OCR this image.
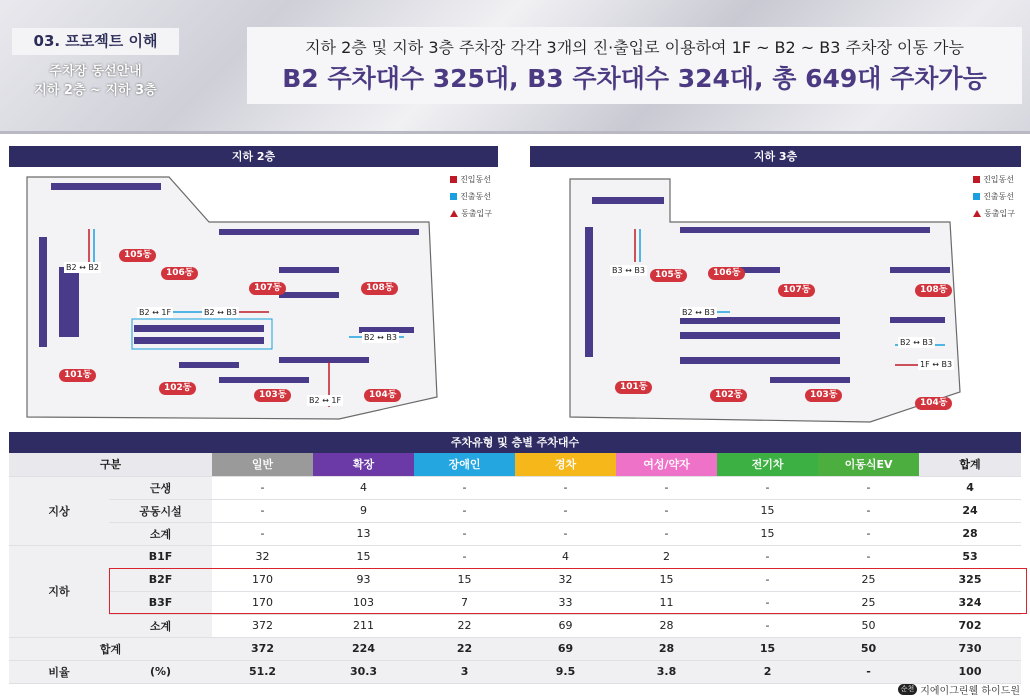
03. 프로젝트 이해
주차장 동선안내
지하 2층 ~ 지하 3층
지하 2층 및 지하 3층 주차장 각각 3개의 진·출입로 이용하여 1F ~ B2 ~ B3 주차장 이동 가능
B2 주차대수 325대, B3 주차대수 324대, 총 649대 주차가능
지하 2층
진입동선
진출동선
동출입구
105동
106동
107동	108동
101동
102동
103동	104동
B2 ↔ B2
B2 ↔ 1F	B2 ↔ B3
B2 ↔ B3
B2 ↔ 1F
지하 3층
진입동선
진출동선
동출입구
105동	106동
107동	108동
101동
102동	103동
104동
B3 ↔ B3
B2 ↔ B3
B2 ↔ B3
1F ↔ B3
주차유형 및 층별 주차대수
구분		일반	확장	장애인	경차	여성/약자	전기차	이동식EV	합계
지상	근생	-	4	-	-	-	-	-	4
	공동시설	-	9	-	-	-	15	-	24
	소계	-	13	-	-	-	15	-	28
지하	B1F	32	15	-	4	2	-	-	53
	B2F	170	93	15	32	15	-	25	325
	B3F	170	103	7	33	11	-	25	324
	소계	372	211	22	69	28	-	50	702
합계		372	224	22	69	28	15	50	730
비율	(%)	51.2	30.3	3	9.5	3.8	2	-	100
순천 지에이그린웰 하이드원
